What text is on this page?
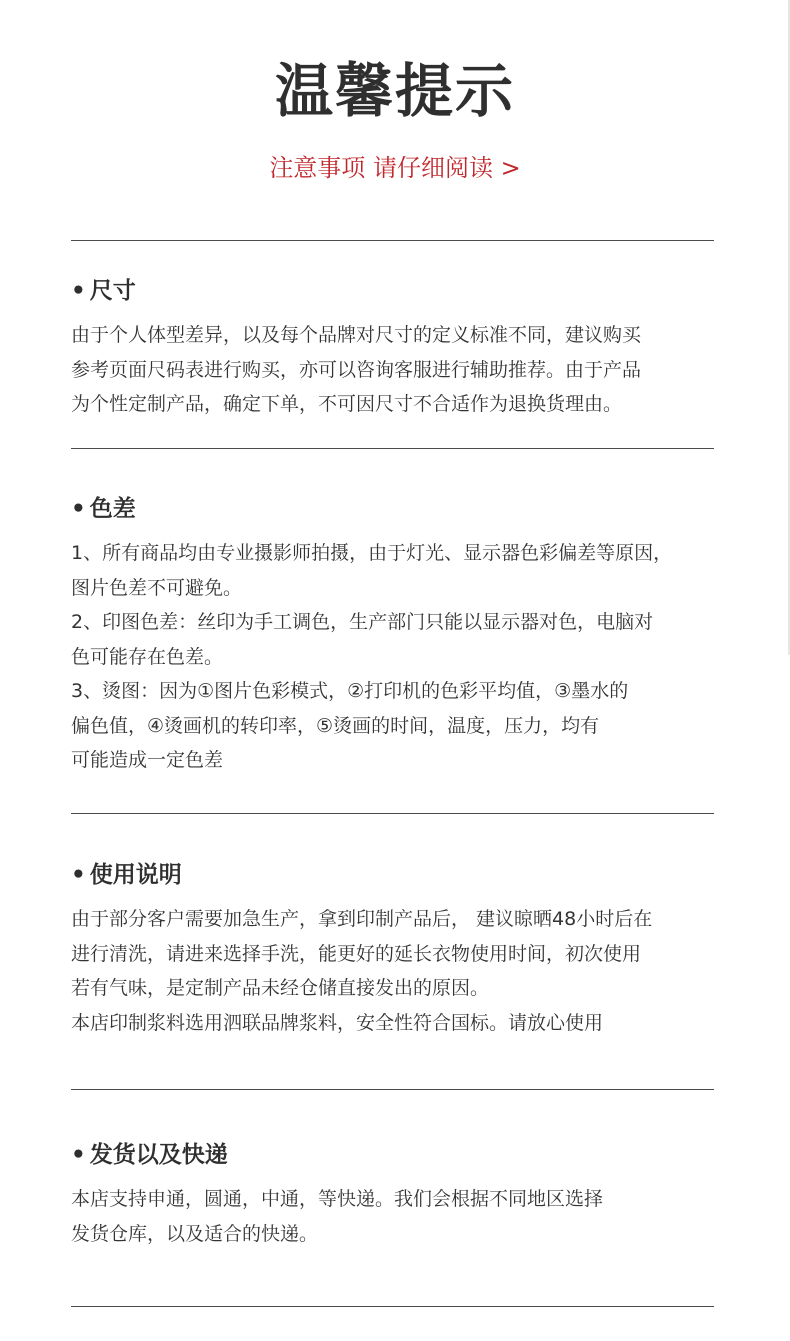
温馨提示
注意事项 请仔细阅读 >
• 尺寸

由于个人体型差异，以及每个品牌对尺寸的定义标准不同，建议购买

参考页面尺码表进行购买，亦可以咨询客服进行辅助推荐。由于产品

为个性定制产品，确定下单，不可因尺寸不合适作为退换货理由。

• 色差

1、所有商品均由专业摄影师拍摄，由于灯光、显示器色彩偏差等原因，

图片色差不可避免。

2、印图色差：丝印为手工调色，生产部门只能以显示器对色，电脑对

色可能存在色差。

3、烫图：因为①图片色彩模式，②打印机的色彩平均值，③墨水的

偏色值，④烫画机的转印率，⑤烫画的时间，温度，压力，均有

可能造成一定色差

• 使用说明

由于部分客户需要加急生产，拿到印制产品后， 建议晾晒48小时后在

进行清洗，请进来选择手洗，能更好的延长衣物使用时间，初次使用

若有气味，是定制产品未经仓储直接发出的原因。

本店印制浆料选用泗联品牌浆料，安全性符合国标。请放心使用

• 发货以及快递

本店支持申通，圆通，中通，等快递。我们会根据不同地区选择

发货仓库，以及适合的快递。
